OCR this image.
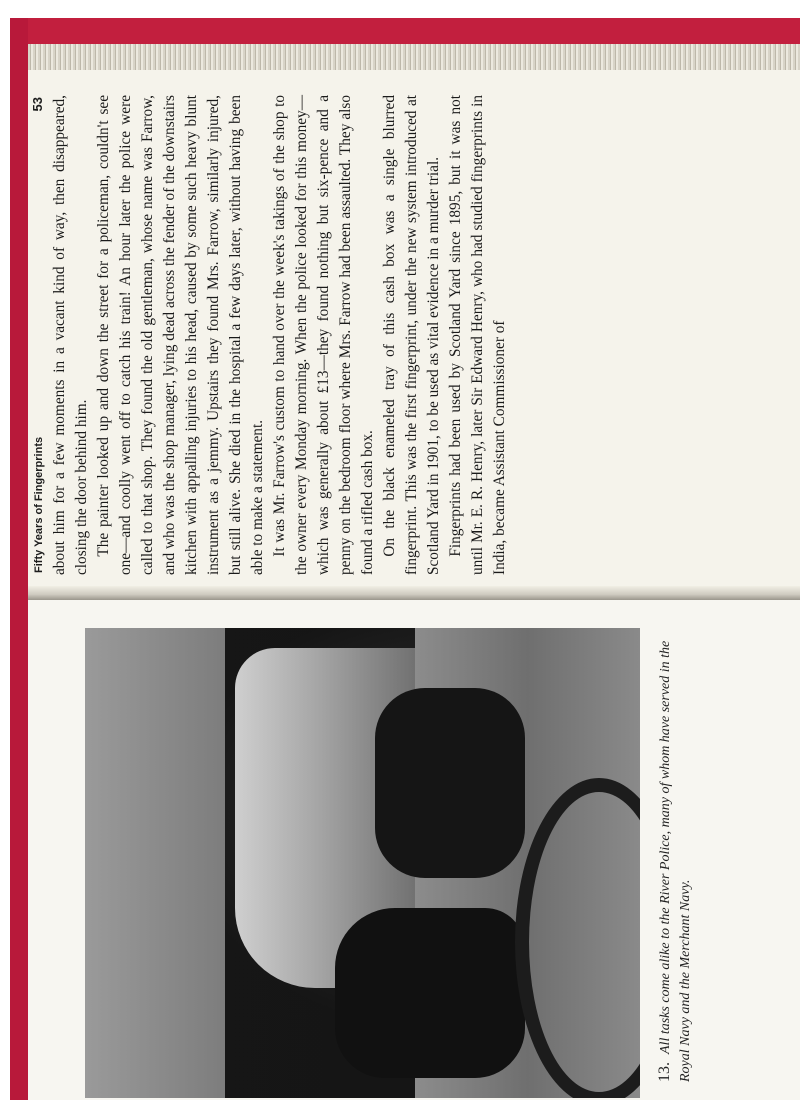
Fifty Years of Fingerprints
53 about him for a few moments in a vacant kind of way, then disappeared, closing the door behind him. The painter looked up and down the street for a policeman, couldn't see one—and coolly went off to catch his train! An hour later the police were called to that shop. They found the old gentleman, whose name was Farrow, and who was the shop manager, lying dead across the fender of the downstairs kitchen with appalling injuries to his head, caused by some such heavy blunt instrument as a jemmy. Upstairs they found Mrs. Farrow, similarly injured, but still alive. She died in the hospital a few days later, without having been able to make a statement. It was Mr. Farrow's custom to hand over the week's takings of the shop to the owner every Monday morning. When the police looked for this money—which was generally about £13—they found nothing but six-pence and a penny on the bedroom floor where Mrs. Farrow had been assaulted. They also found a rifled cash box. On the black enameled tray of this cash box was a single blurred fingerprint. This was the first fingerprint, under the new system introduced at Scotland Yard in 1901, to be used as vital evidence in a murder trial. Fingerprints had been used by Scotland Yard since 1895, but it was not until Mr. E. R. Henry, later Sir Edward Henry, who had studied fingerprints in India, became Assistant Commissioner of

13.All tasks come alike to the River Police, many of whom have served in the Royal Navy and the Merchant Navy.
